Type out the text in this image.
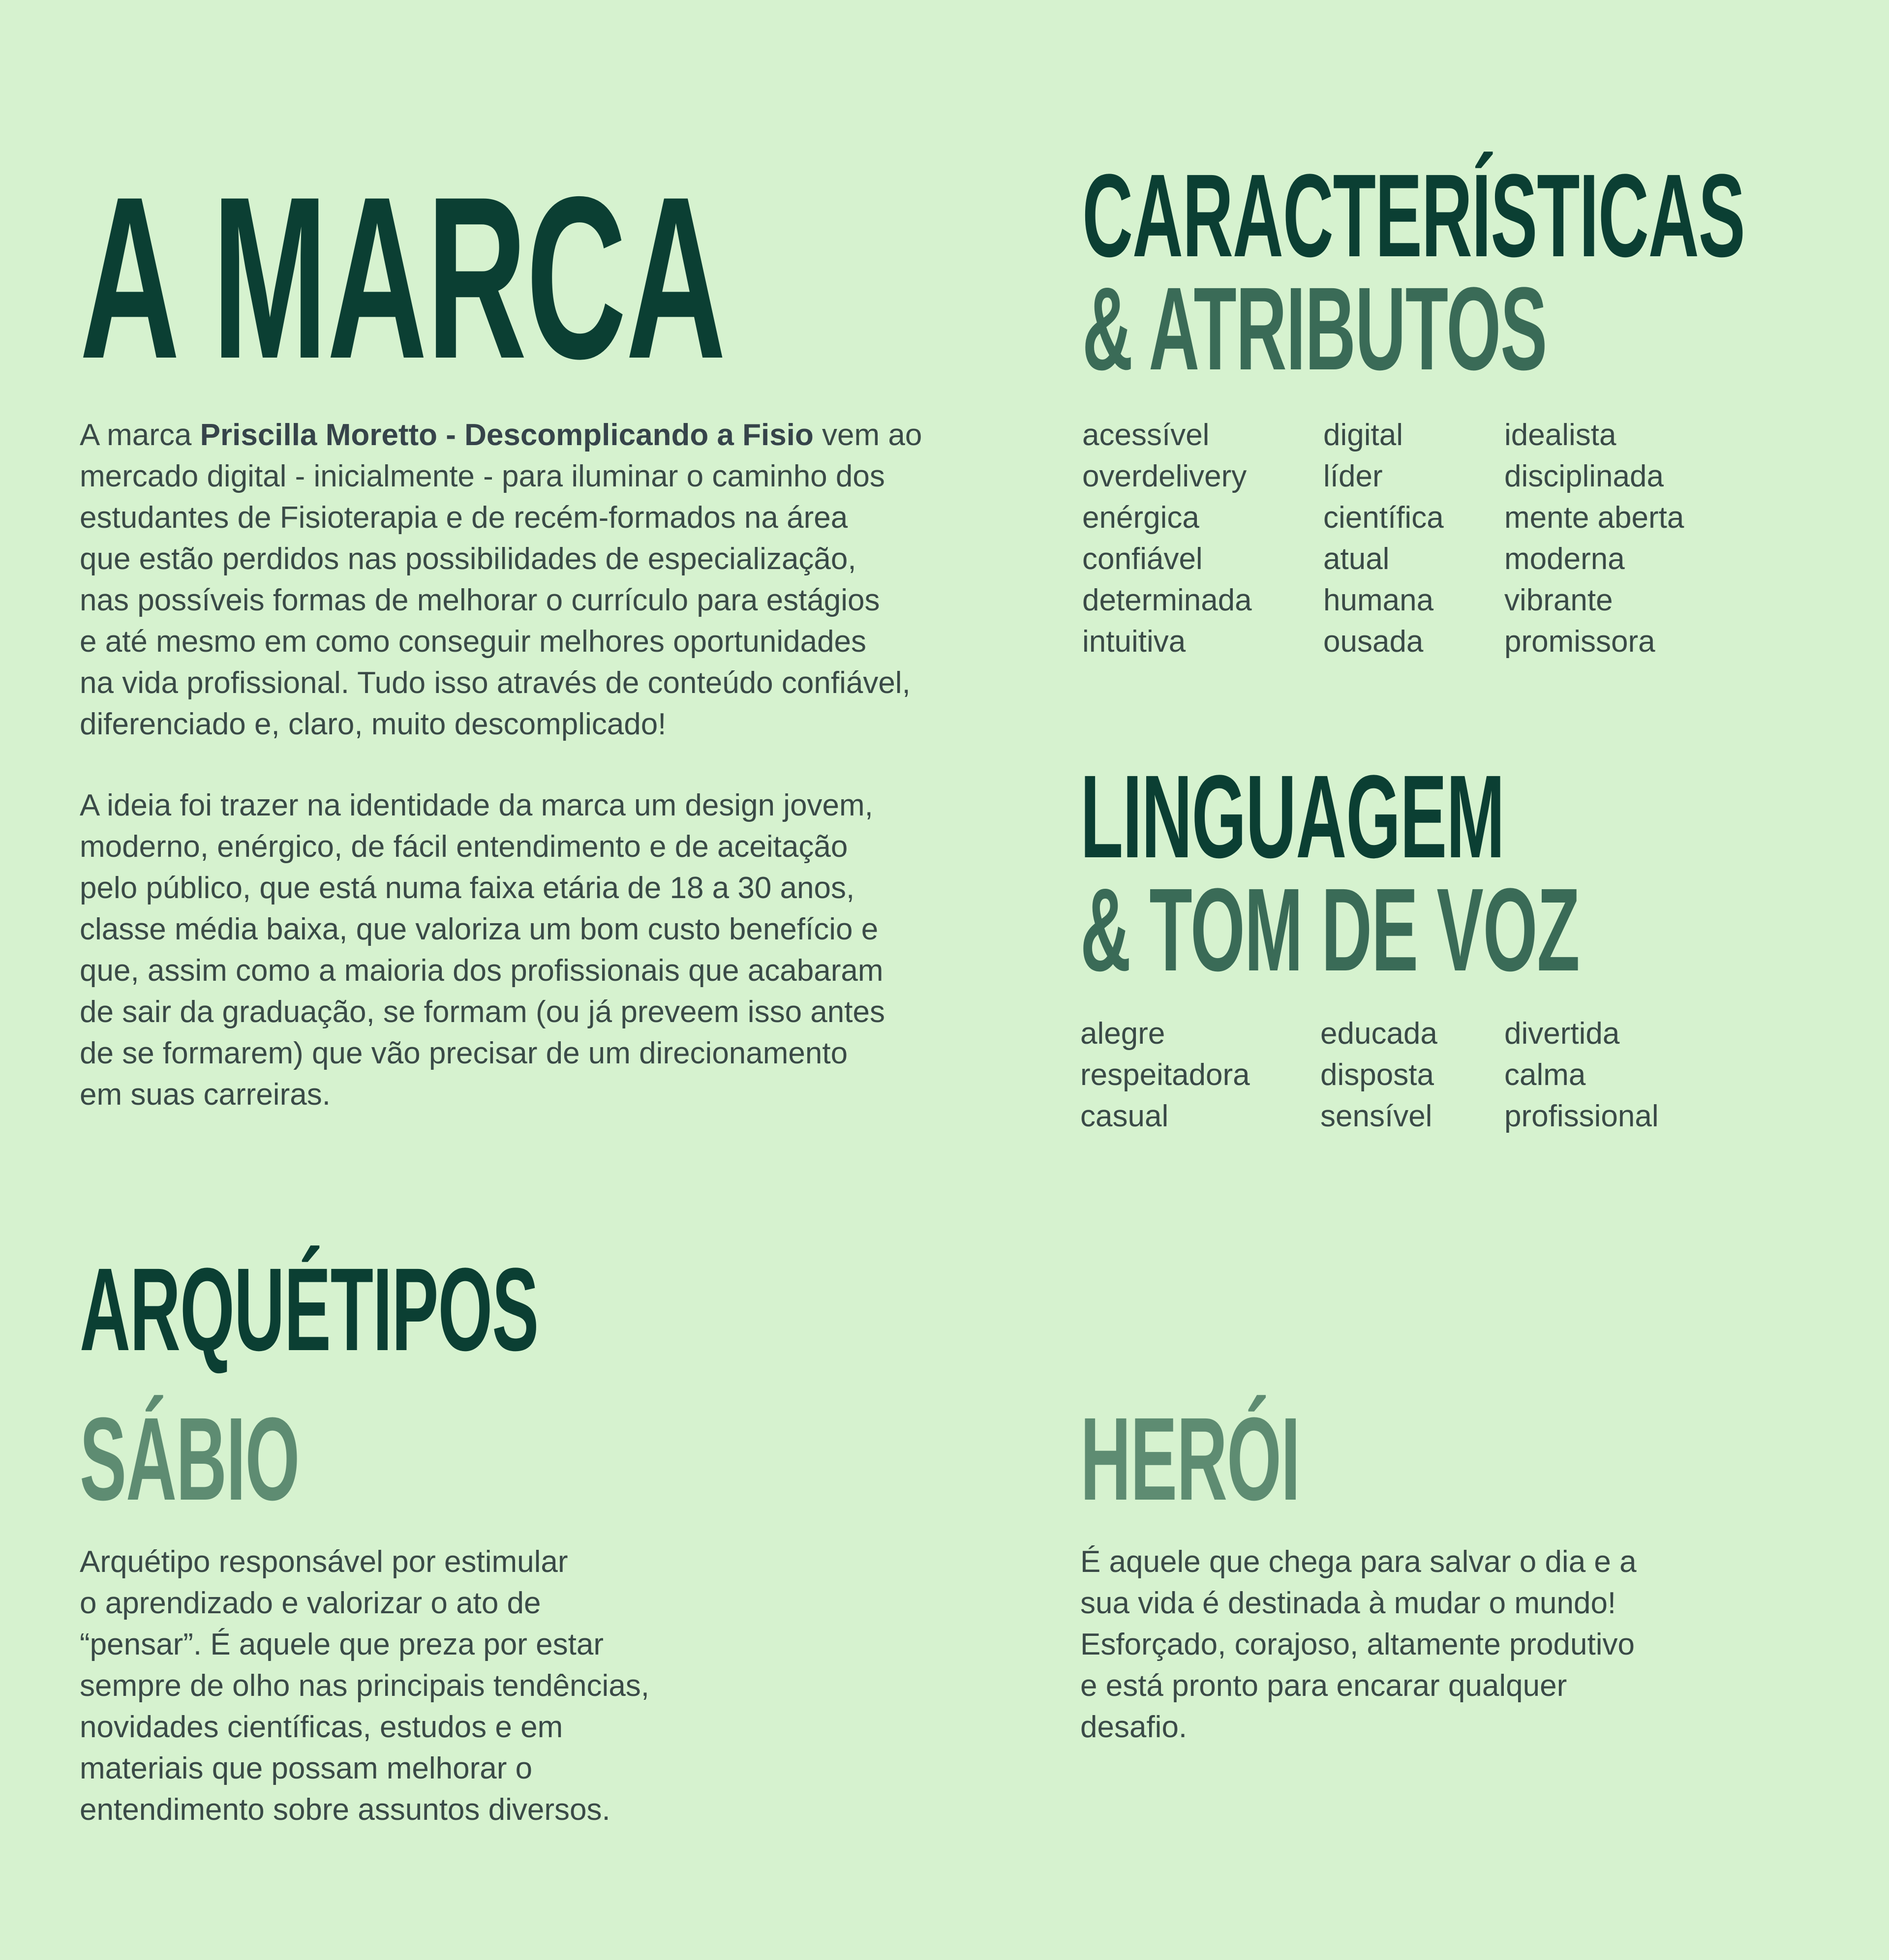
A MARCA
A marca Priscilla Moretto - Descomplicando a Fisio vem ao
mercado digital - inicialmente - para iluminar o caminho dos
estudantes de Fisioterapia e de recém-formados na área
que estão perdidos nas possibilidades de especialização,
nas possíveis formas de melhorar o currículo para estágios
e até mesmo em como conseguir melhores oportunidades
na vida profissional. Tudo isso através de conteúdo confiável,
diferenciado e, claro, muito descomplicado!
A ideia foi trazer na identidade da marca um design jovem,
moderno, enérgico, de fácil entendimento e de aceitação
pelo público, que está numa faixa etária de 18 a 30 anos,
classe média baixa, que valoriza um bom custo benefício e
que, assim como a maioria dos profissionais que acabaram
de sair da graduação, se formam (ou já preveem isso antes
de se formarem) que vão precisar de um direcionamento
em suas carreiras.
CARACTERÍSTICAS
& ATRIBUTOS
acessível
overdelivery
enérgica
confiável
determinada
intuitiva
digital
líder
científica
atual
humana
ousada
idealista
disciplinada
mente aberta
moderna
vibrante
promissora
LINGUAGEM
& TOM DE VOZ
alegre
respeitadora
casual
educada
disposta
sensível
divertida
calma
profissional
ARQUÉTIPOS
SÁBIO
Arquétipo responsável por estimular
o aprendizado e valorizar o ato de
“pensar”. É aquele que preza por estar
sempre de olho nas principais tendências,
novidades científicas, estudos e em
materiais que possam melhorar o
entendimento sobre assuntos diversos.
HERÓI
É aquele que chega para salvar o dia e a
sua vida é destinada à mudar o mundo!
Esforçado, corajoso, altamente produtivo
e está pronto para encarar qualquer
desafio.
